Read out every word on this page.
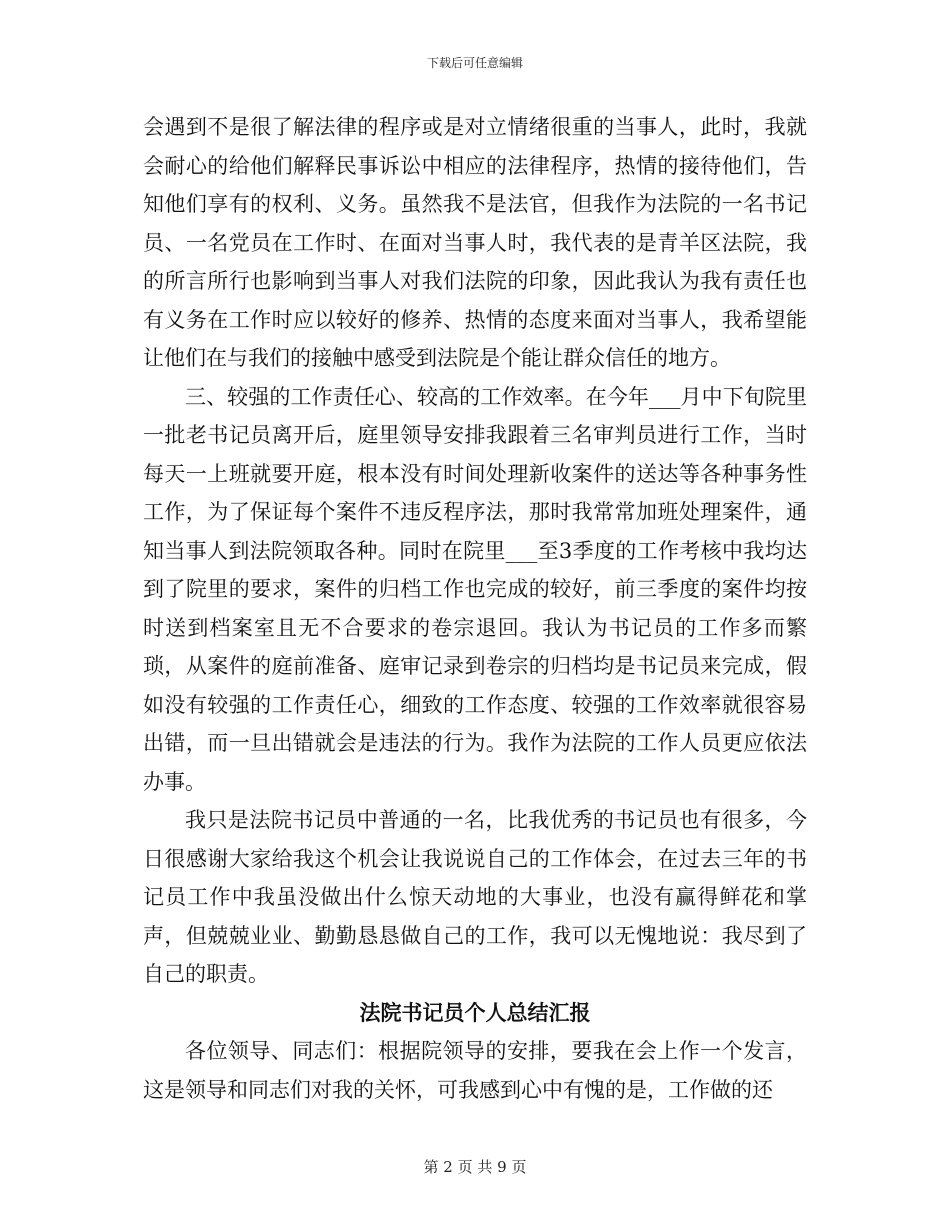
下载后可任意编辑

会遇到不是很了解法律的程序或是对立情绪很重的当事人，此时，我就会耐心的给他们解释民事诉讼中相应的法律程序，热情的接待他们，告知他们享有的权利、义务。虽然我不是法官，但我作为法院的一名书记员、一名党员在工作时、在面对当事人时，我代表的是青羊区法院，我的所言所行也影响到当事人对我们法院的印象，因此我认为我有责任也有义务在工作时应以较好的修养、热情的态度来面对当事人，我希望能让他们在与我们的接触中感受到法院是个能让群众信任的地方。

三、较强的工作责任心、较高的工作效率。在今年___月中下旬院里一批老书记员离开后，庭里领导安排我跟着三名审判员进行工作，当时每天一上班就要开庭，根本没有时间处理新收案件的送达等各种事务性工作，为了保证每个案件不违反程序法，那时我常常加班处理案件，通知当事人到法院领取各种。同时在院里___至3季度的工作考核中我均达到了院里的要求，案件的归档工作也完成的较好，前三季度的案件均按时送到档案室且无不合要求的卷宗退回。我认为书记员的工作多而繁琐，从案件的庭前准备、庭审记录到卷宗的归档均是书记员来完成，假如没有较强的工作责任心，细致的工作态度、较强的工作效率就很容易出错，而一旦出错就会是违法的行为。我作为法院的工作人员更应依法办事。

我只是法院书记员中普通的一名，比我优秀的书记员也有很多，今日很感谢大家给我这个机会让我说说自己的工作体会，在过去三年的书记员工作中我虽没做出什么惊天动地的大事业，也没有赢得鲜花和掌声，但兢兢业业、勤勤恳恳做自己的工作，我可以无愧地说：我尽到了自己的职责。

法院书记员个人总结汇报

各位领导、同志们：根据院领导的安排，要我在会上作一个发言，这是领导和同志们对我的关怀，可我感到心中有愧的是，工作做的还

第 2 页 共 9 页
